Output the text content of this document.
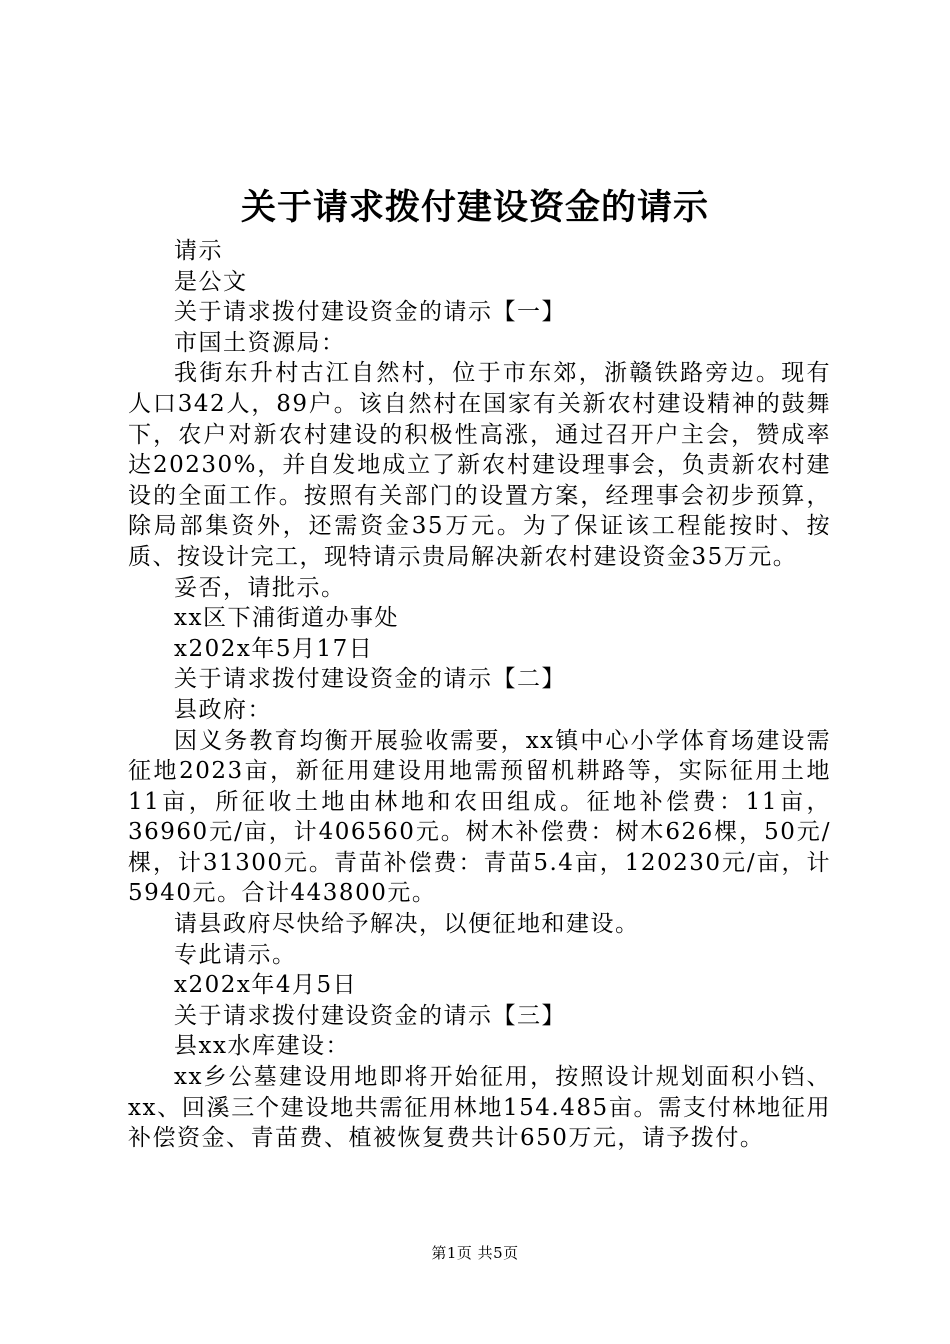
关于请求拨付建设资金的请示

请示

是公文

关于请求拨付建设资金的请示【一】

市国土资源局：

我街东升村古江自然村，位于市东郊，浙赣铁路旁边。现有人口342人，89户。该自然村在国家有关新农村建设精神的鼓舞下，农户对新农村建设的积极性高涨，通过召开户主会，赞成率达20230%，并自发地成立了新农村建设理事会，负责新农村建设的全面工作。按照有关部门的设置方案，经理事会初步预算，除局部集资外，还需资金35万元。为了保证该工程能按时、按质、按设计完工，现特请示贵局解决新农村建设资金35万元。

妥否，请批示。

xx区下浦街道办事处

x202x年5月17日

关于请求拨付建设资金的请示【二】

县政府：

因义务教育均衡开展验收需要，xx镇中心小学体育场建设需征地2023亩，新征用建设用地需预留机耕路等，实际征用土地11亩，所征收土地由林地和农田组成。征地补偿费：11亩，36960元/亩，计406560元。树木补偿费：树木626棵，50元/棵，计31300元。青苗补偿费：青苗5.4亩，120230元/亩，计5940元。合计443800元。

请县政府尽快给予解决，以便征地和建设。

专此请示。

x202x年4月5日

关于请求拨付建设资金的请示【三】

县xx水库建设：

xx乡公墓建设用地即将开始征用，按照设计规划面积小铛、xx、回溪三个建设地共需征用林地154.485亩。需支付林地征用补偿资金、青苗费、植被恢复费共计650万元，请予拨付。

第1页 共5页
